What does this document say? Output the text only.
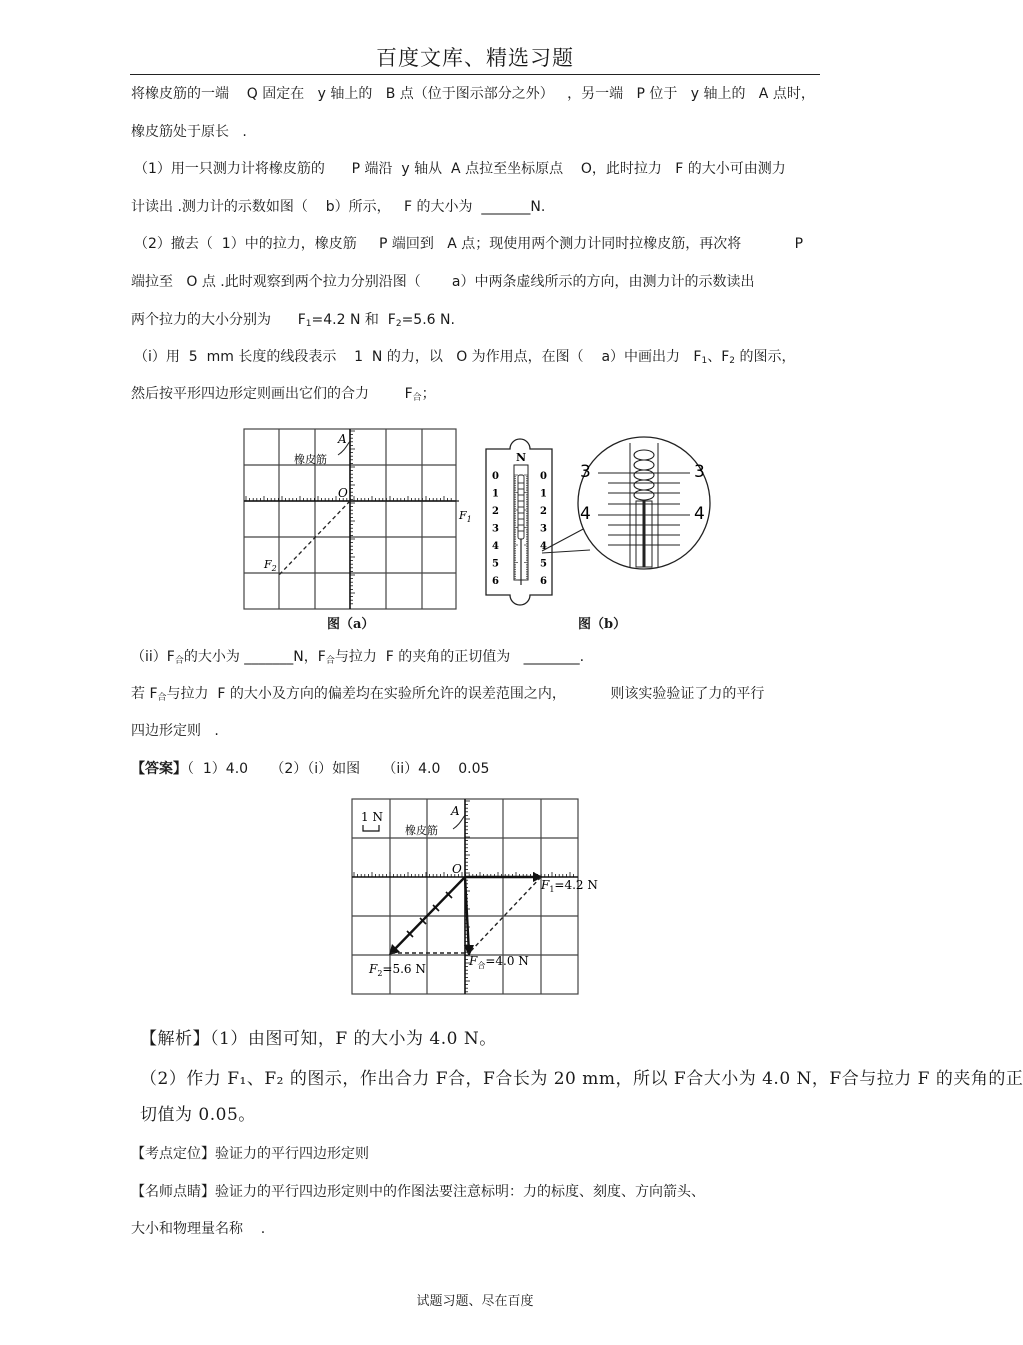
百度文库、精选习题
将橡皮筋的一端    Q 固定在   y 轴上的   B 点（位于图示部分之外）   ，另一端   P 位于   y 轴上的   A 点时，
橡皮筋处于原长   .
（1）用一只测力计将橡皮筋的      P 端沿  y 轴从  A 点拉至坐标原点    O，此时拉力   F 的大小可由测力
计读出 .测力计的示数如图（    b）所示，   F 的大小为  _______N.
（2）撤去（  1）中的拉力，橡皮筋     P 端回到   A 点；现使用两个测力计同时拉橡皮筋，再次将            P
端拉至   O 点 .此时观察到两个拉力分别沿图（       a）中两条虚线所示的方向，由测力计的示数读出
两个拉力的大小分别为      $F_1=4.2$ N 和  $F_2=5.6$ N.
（i）用  5  mm 长度的线段表示    1  N 的力，以   O 为作用点，在图（    a）中画出力   $F_1$、$F_2$ 的图示，
然后按平形四边形定则画出它们的合力        $F_合$；
A
橡皮筋
O
$F_1$
$F_2$
图（a）
N
0
1
2
3
4
5
6
0
1
2
3
4
5
6
3	3
4	4
图（b）
$(ii)F_合$的大小为 _______N，$F_合$与拉力  F 的夹角的正切值为   ________.
若 $F_合$与拉力  F 的大小及方向的偏差均在实验所允许的误差范围之内，          则该实验验证了力的平行
四边形定则   .
【答案】（  1）4.0     （2）（i）如图     （ii）4.0    0.05
1 N	A
橡皮筋
O
$F_1=4.2$ N
$F_2=5.6$ N
$F_合=4.0$ N
【解析】（1）由图可知，F 的大小为 4.0 N。
（2）作力 F₁、F₂ 的图示，作出合力 F合，F合长为 20 mm，所以 F合大小为 4.0 N，F合与拉力 F 的夹角的正
切值为 0.05。
【考点定位】验证力的平行四边形定则
【名师点睛】验证力的平行四边形定则中的作图法要注意标明：力的标度、刻度、方向箭头、
大小和物理量名称    .
试题习题、尽在百度
